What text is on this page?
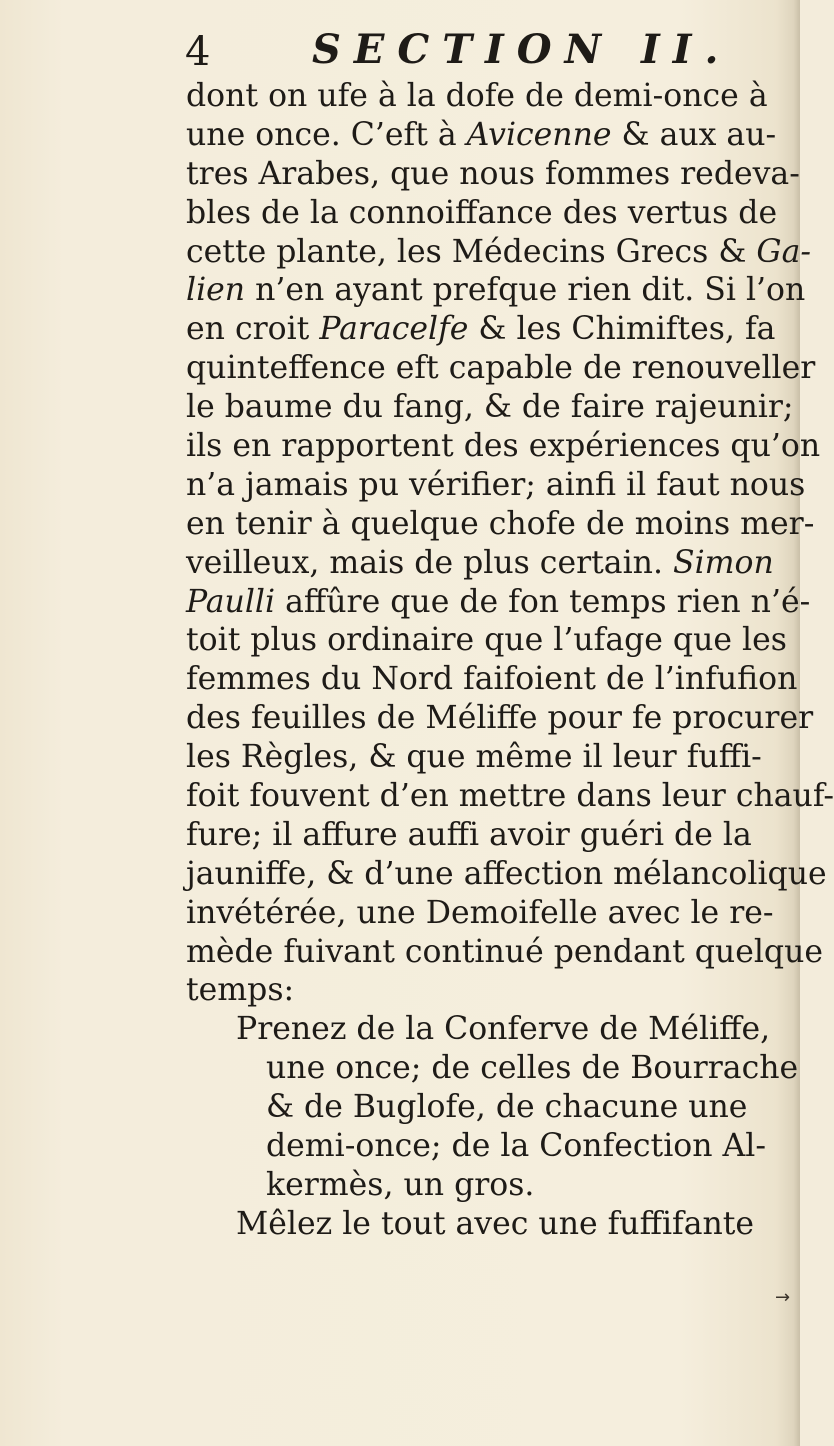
4	SECTION II.
dont on ufe à la dofe de demi-once à
une once. C’eft à Avicenne & aux au-
tres Arabes, que nous fommes redeva-
bles de la connoiffance des vertus de
cette plante, les Médecins Grecs & Ga-
lien n’en ayant prefque rien dit. Si l’on
en croit Paracelfe & les Chimiftes, fa
quinteffence eft capable de renouveller
le baume du fang, & de faire rajeunir;
ils en rapportent des expériences qu’on
n’a jamais pu vérifier; ainfi il faut nous
en tenir à quelque chofe de moins mer-
veilleux, mais de plus certain. Simon
Paulli affûre que de fon temps rien n’é-
toit plus ordinaire que l’ufage que les
femmes du Nord faifoient de l’infufion
des feuilles de Méliffe pour fe procurer
les Règles, & que même il leur fuffi-
foit fouvent d’en mettre dans leur chauf-
fure; il affure auffi avoir guéri de la
jauniffe, & d’une affection mélancolique
invétérée, une Demoifelle avec le re-
mède fuivant continué pendant quelque
temps:
Prenez de la Conferve de Méliffe,
une once; de celles de Bourrache
& de Buglofe, de chacune une
demi-once; de la Confection Al-
kermès, un gros.
Mêlez le tout avec une fuffifante
→
